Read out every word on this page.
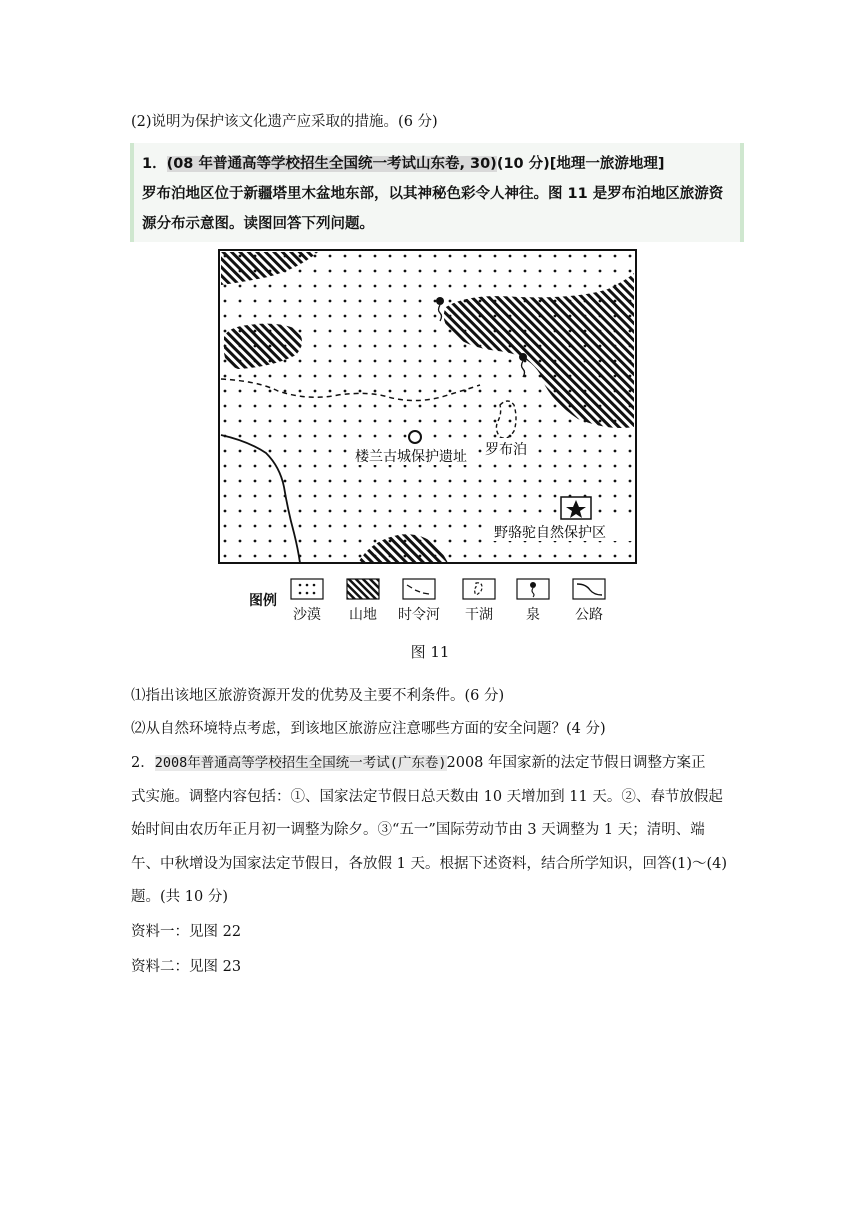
(2)说明为保护该文化遗产应采取的措施。(6 分)
1．(08 年普通高等学校招生全国统一考试山东卷, 30)(10 分)[地理一旅游地理]
罗布泊地区位于新疆塔里木盆地东部，以其神秘色彩令人神往。图 11 是罗布泊地区旅游资
源分布示意图。读图回答下列问题。
楼兰古城保护遗址 罗布泊
野骆驼自然保护区
图例
沙漠	山地	时令河	干湖	泉	公路
图 11
⑴指出该地区旅游资源开发的优势及主要不利条件。(6 分)
⑵从自然环境特点考虑，到该地区旅游应注意哪些方面的安全问题？(4 分)
2．2008年普通高等学校招生全国统一考试(广东卷)2008 年国家新的法定节假日调整方案正
式实施。调整内容包括：①、国家法定节假日总天数由 10 天增加到 11 天。②、春节放假起
始时间由农历年正月初一调整为除夕。③“五一”国际劳动节由 3 天调整为 1 天；清明、端
午、中秋增设为国家法定节假日，各放假 1 天。根据下述资料，结合所学知识，回答(1)～(4)
题。(共 10 分)
资料一：见图 22
资料二：见图 23
